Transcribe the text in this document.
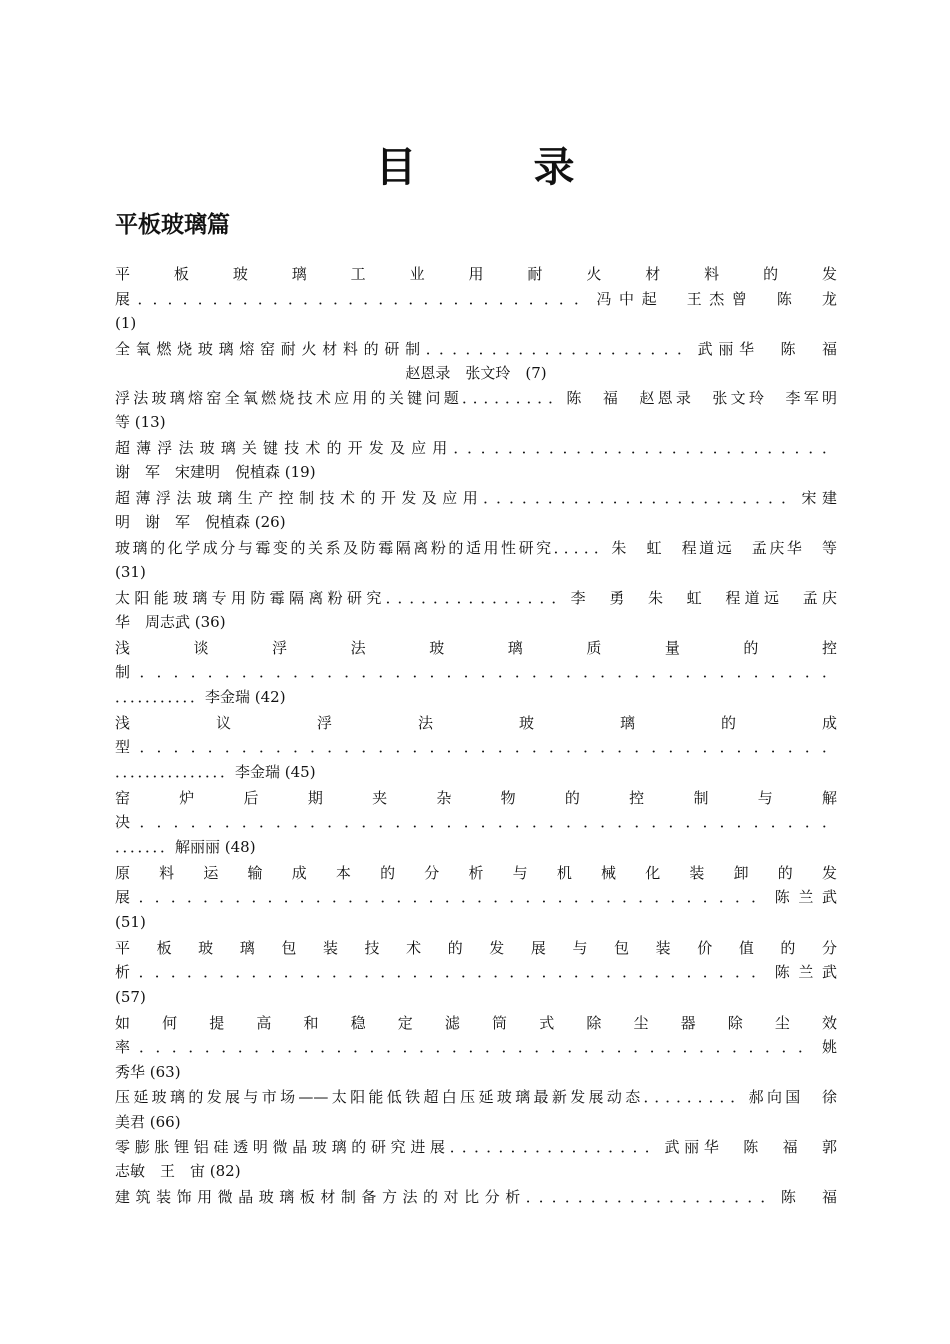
目　录
平板玻璃篇
平　板　玻　璃　工　业　用　耐　火　材　料　的　发
展．．．．．．．．．．．．．．．．．．．．．．．．．．．．．．冯中起　王杰曾　陈　龙
(1)
全氧燃烧玻璃熔窑耐火材料的研制．．．．．．．．．．．．．．．．．．．．武丽华　陈　福
赵恩录　张文玲　(7)
浮法玻璃熔窑全氧燃烧技术应用的关键问题．．．．．．．．．陈　福　赵恩录　张文玲　李军明
等 (13)
超薄浮法玻璃关键技术的开发及应用．．．．．．．．．．．．．．．．．．．．．．．．．．．．
谢　军　宋建明　倪植森 (19)
超薄浮法玻璃生产控制技术的开发及应用．．．．．．．．．．．．．．．．．．．．．．．．宋建
明　谢　军　倪植森 (26)
玻璃的化学成分与霉变的关系及防霉隔离粉的适用性研究．．．．．朱　虹　程道远　孟庆华　等
(31)
太阳能玻璃专用防霉隔离粉研究．．．．．．．．．．．．．．．李　勇　朱　虹　程道远　孟庆
华　周志武 (36)
浅　谈　浮　法　玻　璃　质　量　的　控
制．．．．．．．．．．．．．．．．．．．．．．．．．．．．．．．．．．．．．．．．．
．．．．．．．．．．．李金瑞 (42)
浅　议　浮　法　玻　璃　的　成
型．．．．．．．．．．．．．．．．．．．．．．．．．．．．．．．．．．．．．．．．．
．．．．．．．．．．．．．．．李金瑞 (45)
窑　炉　后　期　夹　杂　物　的　控　制　与　解
决．．．．．．．．．．．．．．．．．．．．．．．．．．．．．．．．．．．．．．．．．
．．．．．．．解丽丽 (48)
原　料　运　输　成　本　的　分　析　与　机　械　化　装　卸　的　发
展．．．．．．．．．．．．．．．．．．．．．．．．．．．．．．．．．．．．．．．陈兰武
(51)
平　板　玻　璃　包　装　技　术　的　发　展　与　包　装　价　值　的　分
析．．．．．．．．．．．．．．．．．．．．．．．．．．．．．．．．．．．．．．．陈兰武
(57)
如　何　提　高　和　稳　定　滤　筒　式　除　尘　器　除　尘　效
率．．．．．．．．．．．．．．．．．．．．．．．．．．．．．．．．．．．．．．．．．姚
秀华 (63)
压延玻璃的发展与市场——太阳能低铁超白压延玻璃最新发展动态．．．．．．．．．郝向国　徐
美君 (66)
零膨胀锂铝硅透明微晶玻璃的研究进展．．．．．．．．．．．．．．．．．武丽华　陈　福　郭
志敏　王　宙 (82)
建筑装饰用微晶玻璃板材制备方法的对比分析．．．．．．．．．．．．．．．．．．．陈　福
